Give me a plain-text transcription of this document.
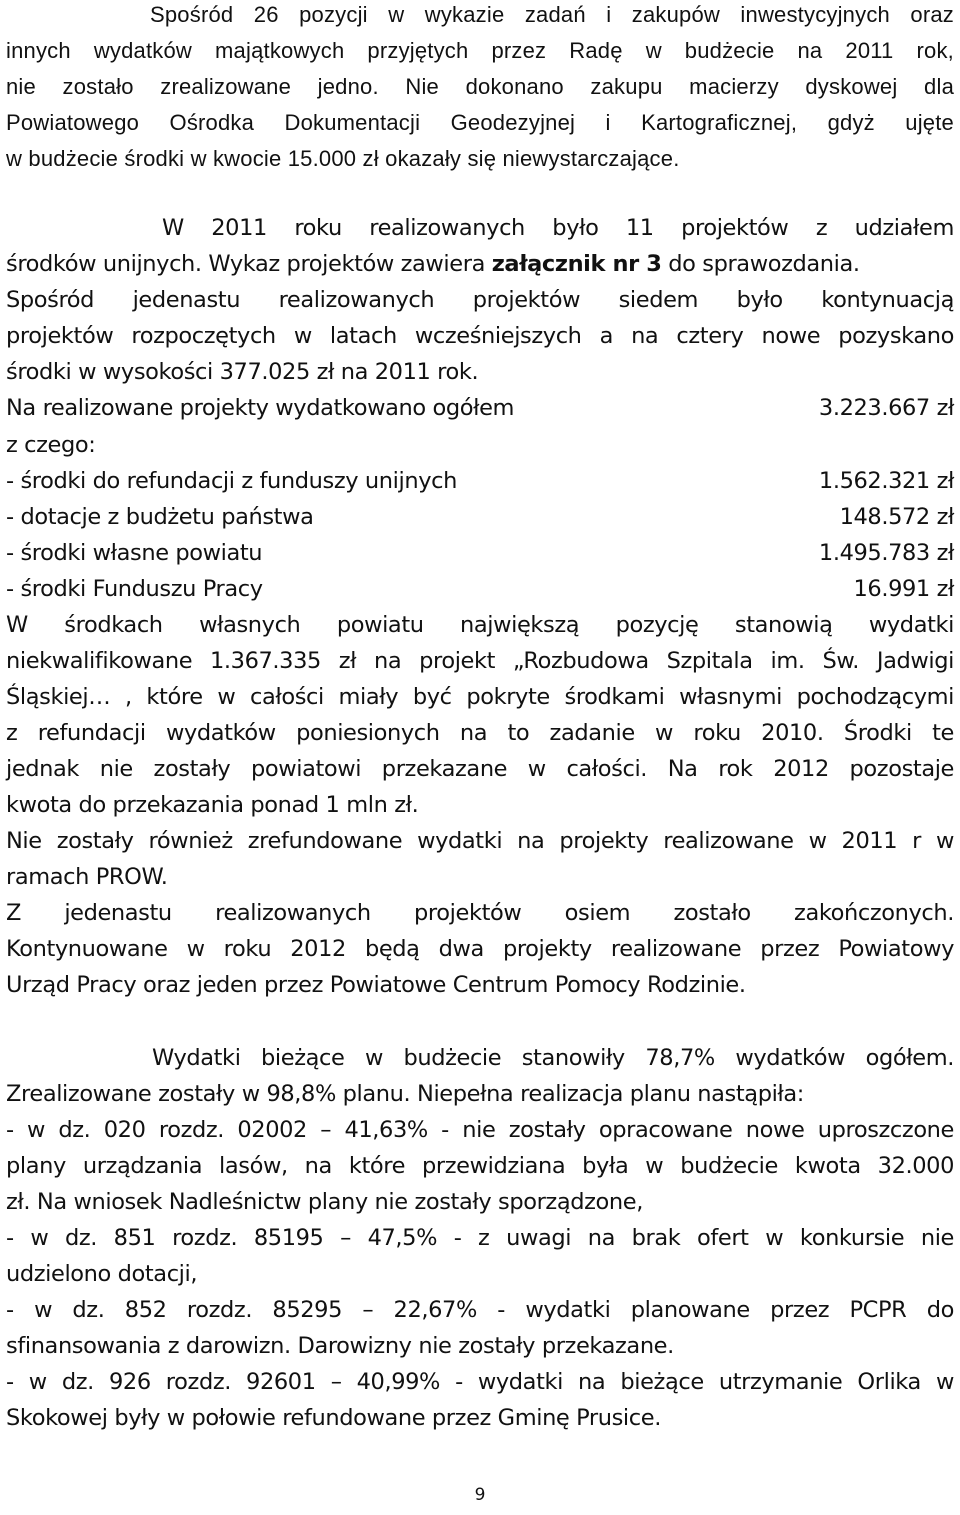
Spośród 26 pozycji w wykazie zadań i zakupów inwestycyjnych oraz
innych wydatków majątkowych przyjętych przez Radę w budżecie na 2011 rok,
nie zostało zrealizowane jedno. Nie dokonano zakupu macierzy dyskowej dla
Powiatowego Ośrodka Dokumentacji Geodezyjnej i Kartograficznej, gdyż ujęte
w budżecie środki w kwocie 15.000 zł okazały się niewystarczające.
W 2011 roku realizowanych było 11 projektów z udziałem
środków unijnych. Wykaz projektów zawiera załącznik nr 3 do sprawozdania.
Spośród jedenastu realizowanych projektów siedem było kontynuacją
projektów rozpoczętych w latach wcześniejszych a na cztery nowe pozyskano
środki w wysokości 377.025 zł na 2011 rok.
Na realizowane projekty wydatkowano ogółem	3.223.667 zł
z czego:
- środki do refundacji z funduszy unijnych	1.562.321 zł
- dotacje z budżetu państwa	148.572 zł
- środki własne powiatu	1.495.783 zł
- środki Funduszu Pracy	16.991 zł
W środkach własnych powiatu największą pozycję stanowią wydatki
niekwalifikowane 1.367.335 zł na projekt „Rozbudowa Szpitala im. Św. Jadwigi
Śląskiej… , które w całości miały być pokryte środkami własnymi pochodzącymi
z refundacji wydatków poniesionych na to zadanie w roku 2010. Środki te
jednak nie zostały powiatowi przekazane w całości. Na rok 2012 pozostaje
kwota do przekazania ponad 1 mln zł.
Nie zostały również zrefundowane wydatki na projekty realizowane w 2011 r w
ramach PROW.
Z jedenastu realizowanych projektów osiem zostało zakończonych.
Kontynuowane w roku 2012 będą dwa projekty realizowane przez Powiatowy
Urząd Pracy oraz jeden przez Powiatowe Centrum Pomocy Rodzinie.
Wydatki bieżące w budżecie stanowiły 78,7% wydatków ogółem.
Zrealizowane zostały w 98,8% planu. Niepełna realizacja planu nastąpiła:
- w dz. 020 rozdz. 02002 – 41,63% - nie zostały opracowane nowe uproszczone
plany urządzania lasów, na które przewidziana była w budżecie kwota 32.000
zł. Na wniosek Nadleśnictw plany nie zostały sporządzone,
- w dz. 851 rozdz. 85195 – 47,5% - z uwagi na brak ofert w konkursie nie
udzielono dotacji,
- w dz. 852 rozdz. 85295 – 22,67% - wydatki planowane przez PCPR do
sfinansowania z darowizn. Darowizny nie zostały przekazane.
- w dz. 926 rozdz. 92601 – 40,99% - wydatki na bieżące utrzymanie Orlika w
Skokowej były w połowie refundowane przez Gminę Prusice.
9
